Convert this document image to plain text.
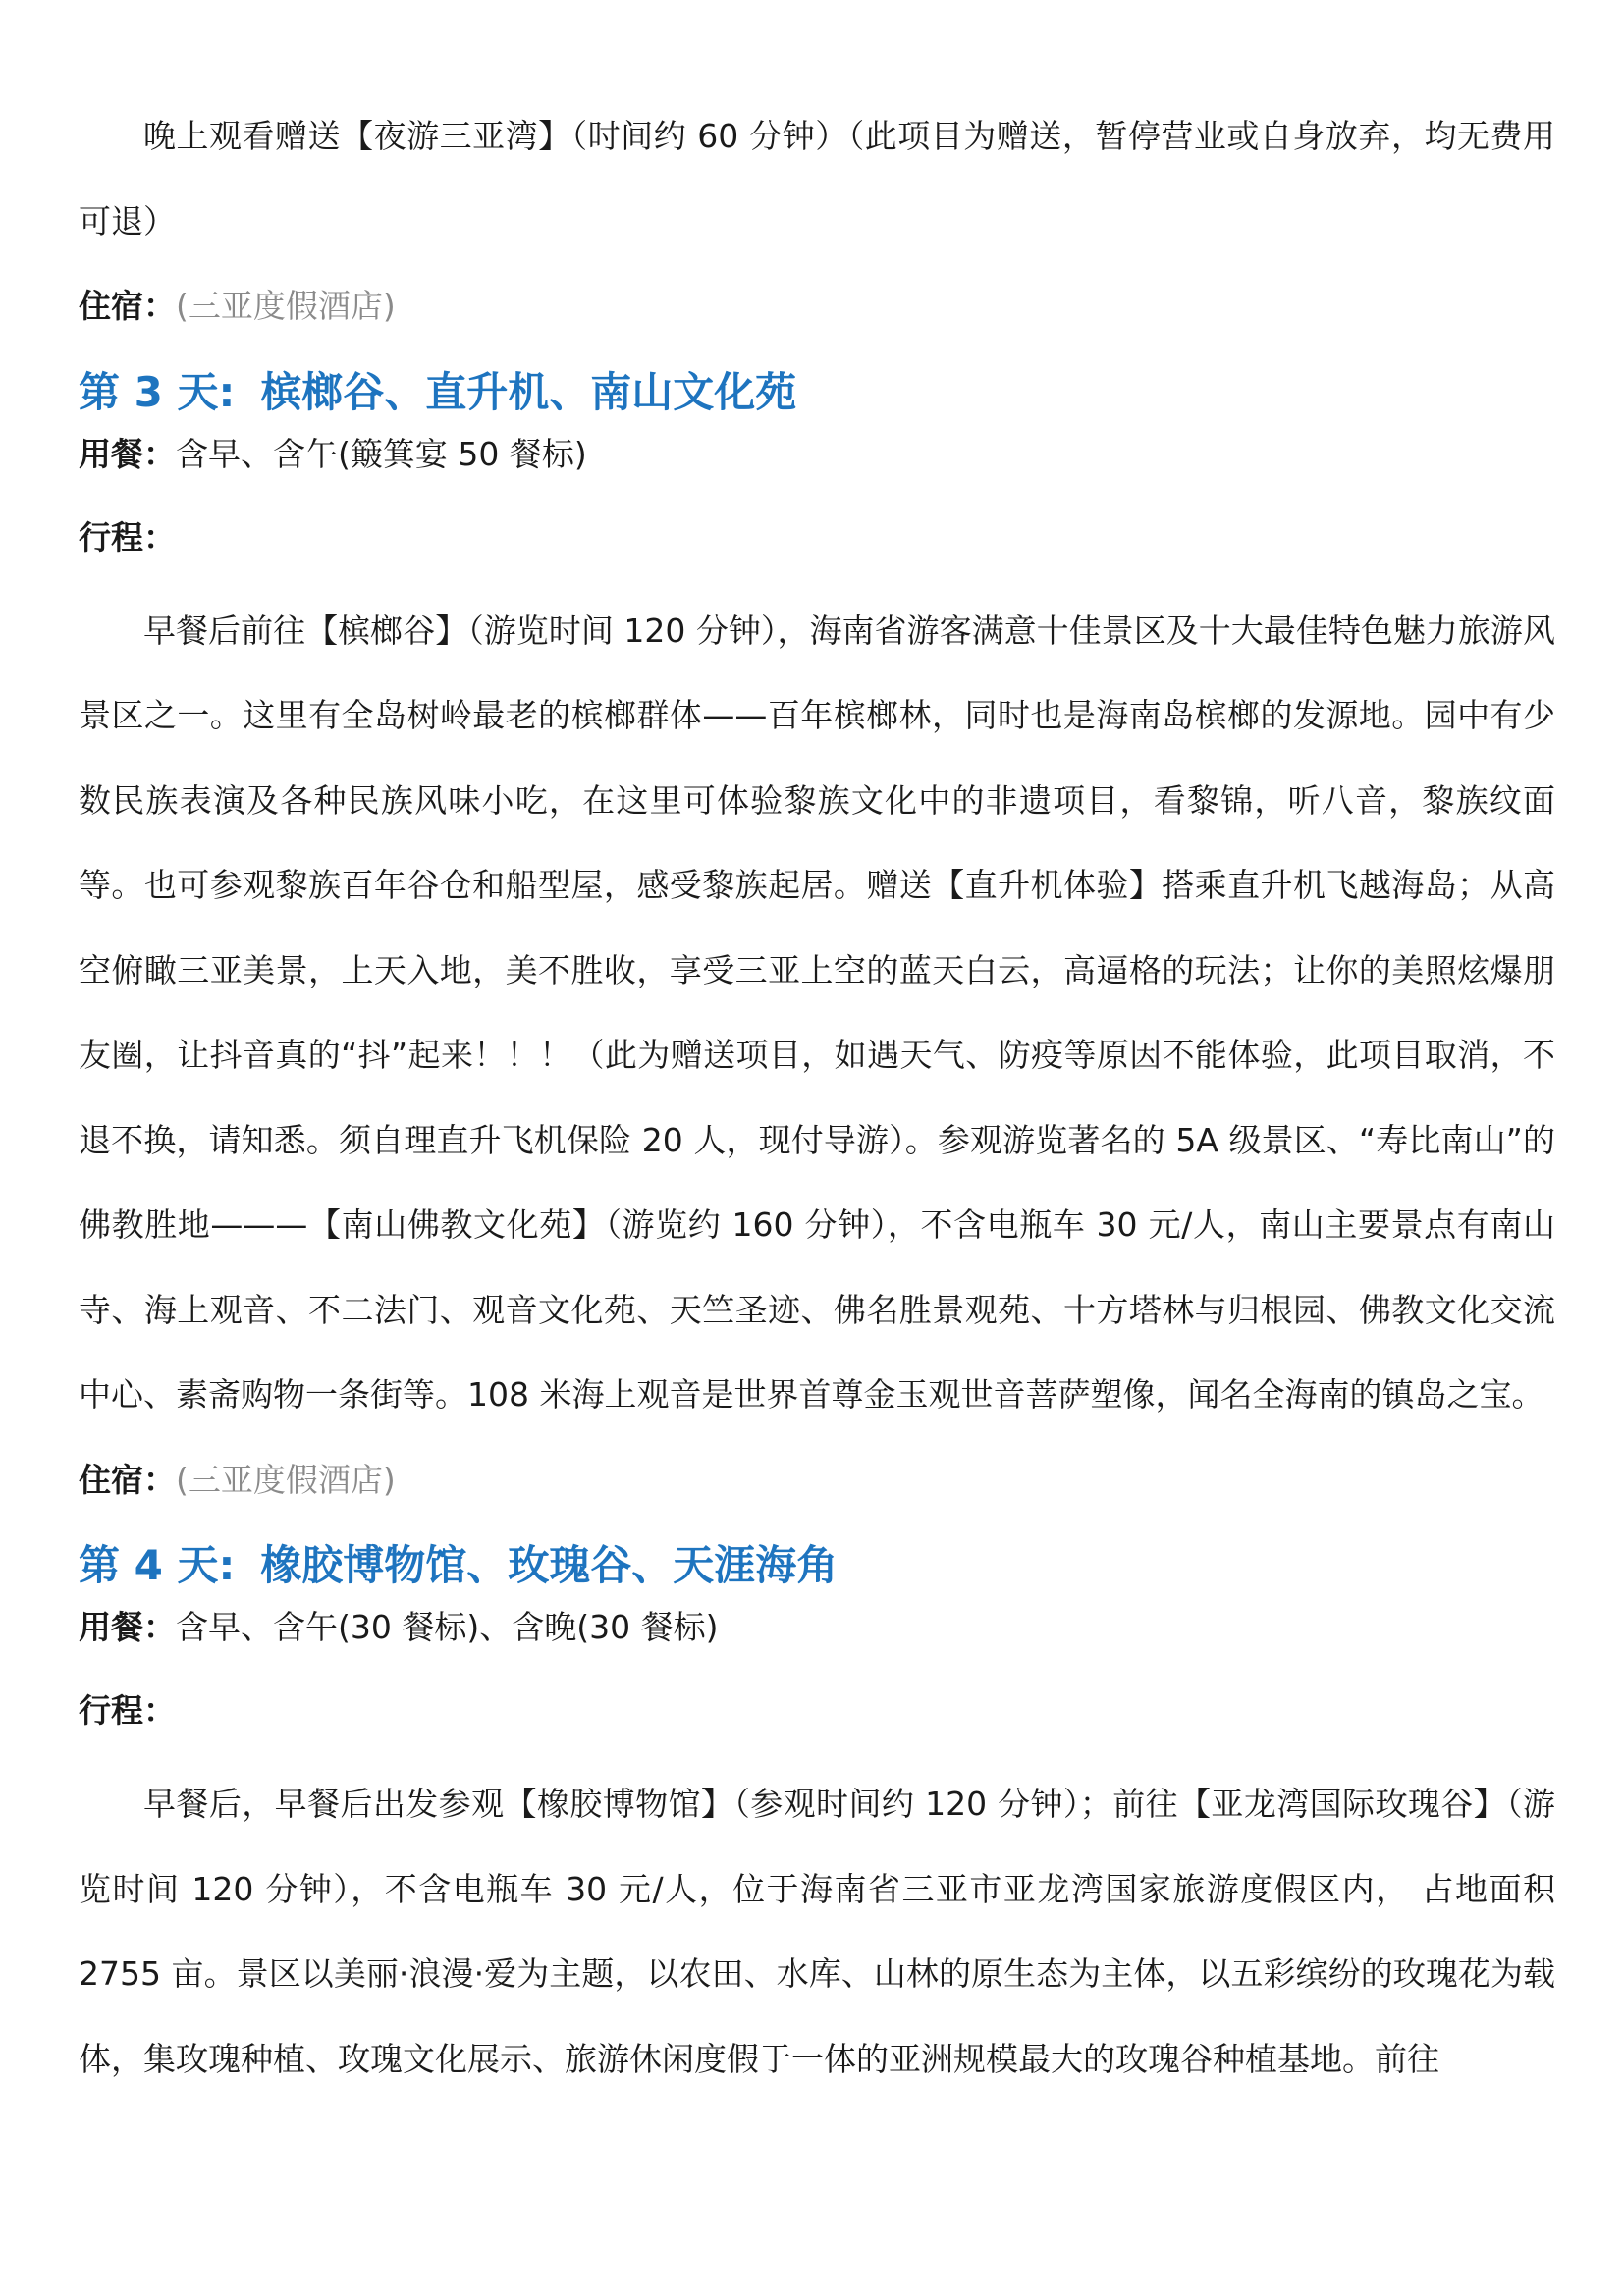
晚上观看赠送【夜游三亚湾】（时间约 60 分钟）（此项目为赠送，暂停营业或自身放弃，均无费用可退）

住宿：(三亚度假酒店)

第 3 天: 槟榔谷、直升机、南山文化苑

用餐：含早、含午(簸箕宴 50 餐标)

行程：

早餐后前往【槟榔谷】（游览时间 120 分钟），海南省游客满意十佳景区及十大最佳特色魅力旅游风景区之一。这里有全岛树岭最老的槟榔群体——百年槟榔林，同时也是海南岛槟榔的发源地。园中有少数民族表演及各种民族风味小吃，在这里可体验黎族文化中的非遗项目，看黎锦，听八音，黎族纹面等。也可参观黎族百年谷仓和船型屋，感受黎族起居。赠送【直升机体验】搭乘直升机飞越海岛；从高空俯瞰三亚美景，上天入地，美不胜收，享受三亚上空的蓝天白云，高逼格的玩法；让你的美照炫爆朋友圈，让抖音真的“抖”起来！！！（此为赠送项目，如遇天气、防疫等原因不能体验，此项目取消，不退不换，请知悉。须自理直升飞机保险 20 人，现付导游）。参观游览著名的 5A 级景区、“寿比南山”的佛教胜地———【南山佛教文化苑】（游览约 160 分钟），不含电瓶车 30 元/人，南山主要景点有南山寺、海上观音、不二法门、观音文化苑、天竺圣迹、佛名胜景观苑、十方塔林与归根园、佛教文化交流中心、素斋购物一条街等。108 米海上观音是世界首尊金玉观世音菩萨塑像，闻名全海南的镇岛之宝。

住宿：(三亚度假酒店)

第 4 天: 橡胶博物馆、玫瑰谷、天涯海角

用餐：含早、含午(30 餐标)、含晚(30 餐标)

行程：

早餐后，早餐后出发参观【橡胶博物馆】（参观时间约 120 分钟）；前往【亚龙湾国际玫瑰谷】（游览时间 120 分钟），不含电瓶车 30 元/人，位于海南省三亚市亚龙湾国家旅游度假区内， 占地面积 2755 亩。景区以美丽·浪漫·爱为主题，以农田、水库、山林的原生态为主体，以五彩缤纷的玫瑰花为载体，集玫瑰种植、玫瑰文化展示、旅游休闲度假于一体的亚洲规模最大的玫瑰谷种植基地。前往
